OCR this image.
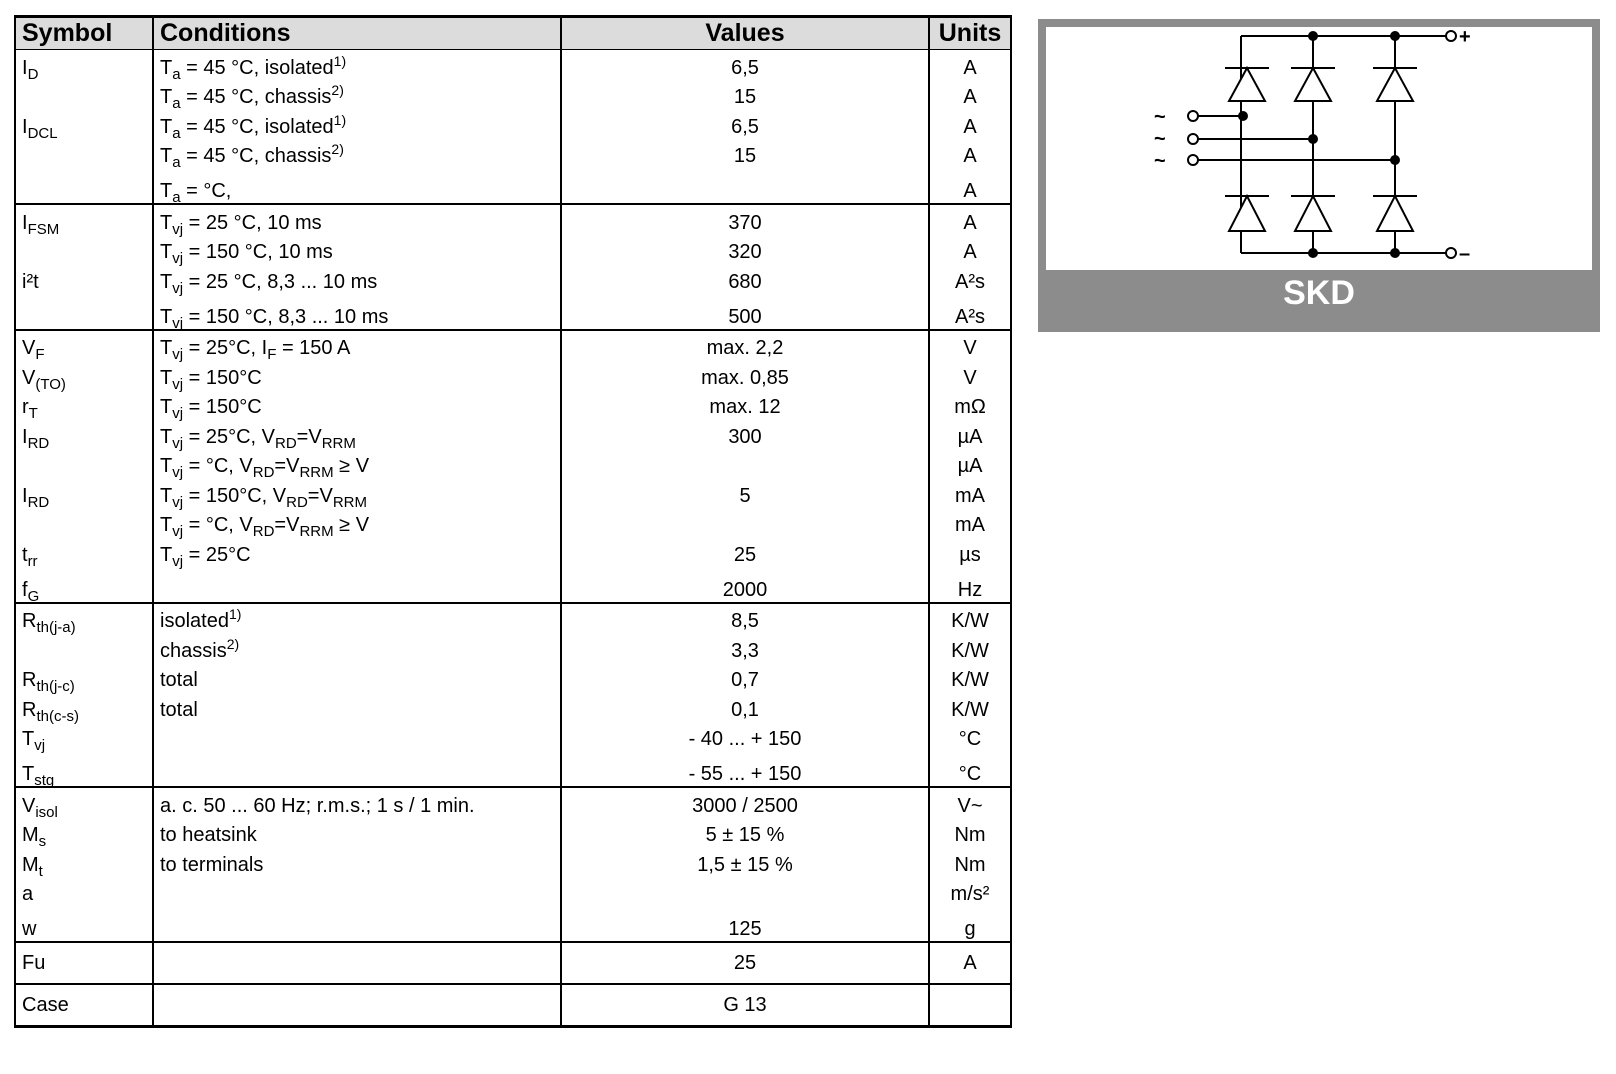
Symbol	Conditions	Values	Units
$I_D$	$T_a = 45$ °C, isolated$^{1)}$	6,5	A
	$T_a = 45$ °C, chassis$^{2)}$	15	A
$I_{DCL}$	$T_a = 45$ °C, isolated$^{1)}$	6,5	A
	$T_a = 45$ °C, chassis$^{2)}$	15	A
	$T_a = ^\circ C$,		A
$I_{FSM}$	$T_{vj} = 25$ °C, 10 ms	370	A
	$T_{vj} = 150$ °C, 10 ms	320	A
i²t	$T_{vj} = 25$ °C, 8,3 ... 10 ms	680	A²s
	$T_{vj} = 150$ °C, 8,3 ... 10 ms	500	A²s
$V_F$	$T_{vj} = 25^\circ C$, $I_F = 150$ A	max. 2,2	V
$V_{(TO)}$	$T_{vj} = 150^\circ C$	max. 0,85	V
$r_T$	$T_{vj} = 150^\circ C$	max. 12	mΩ
$I_{RD}$	$T_{vj} = 25^\circ C$, $V_{RD}=V_{RRM}$	300	µA
	$T_{vj} = ^\circ C$, $V_{RD}=V_{RRM} \ge V$		µA
$I_{RD}$	$T_{vj} = 150^\circ C$, $V_{RD}=V_{RRM}$	5	mA
	$T_{vj} = ^\circ C$, $V_{RD}=V_{RRM} \ge V$		mA
$t_{rr}$	$T_{vj} = 25^\circ C$	25	µs
$f_G$		2000	Hz
$R_{th(j-a)}$	isolated$^{1)}$	8,5	K/W
	chassis$^{2)}$	3,3	K/W
$R_{th(j-c)}$	total	0,7	K/W
$R_{th(c-s)}$	total	0,1	K/W
$T_{vj}$		- 40 ... + 150	°C
$T_{stg}$		- 55 ... + 150	°C
$V_{isol}$	a. c. 50 ... 60 Hz; r.m.s.; 1 s / 1 min.	3000 / 2500	V~
$M_s$	to heatsink	5 ± 15 %	Nm
$M_t$	to terminals	1,5 ± 15 %	Nm
a			m/s²
w		125	g
Fu		25	A
Case		G 13	
+
–
~
~
~
SKD
